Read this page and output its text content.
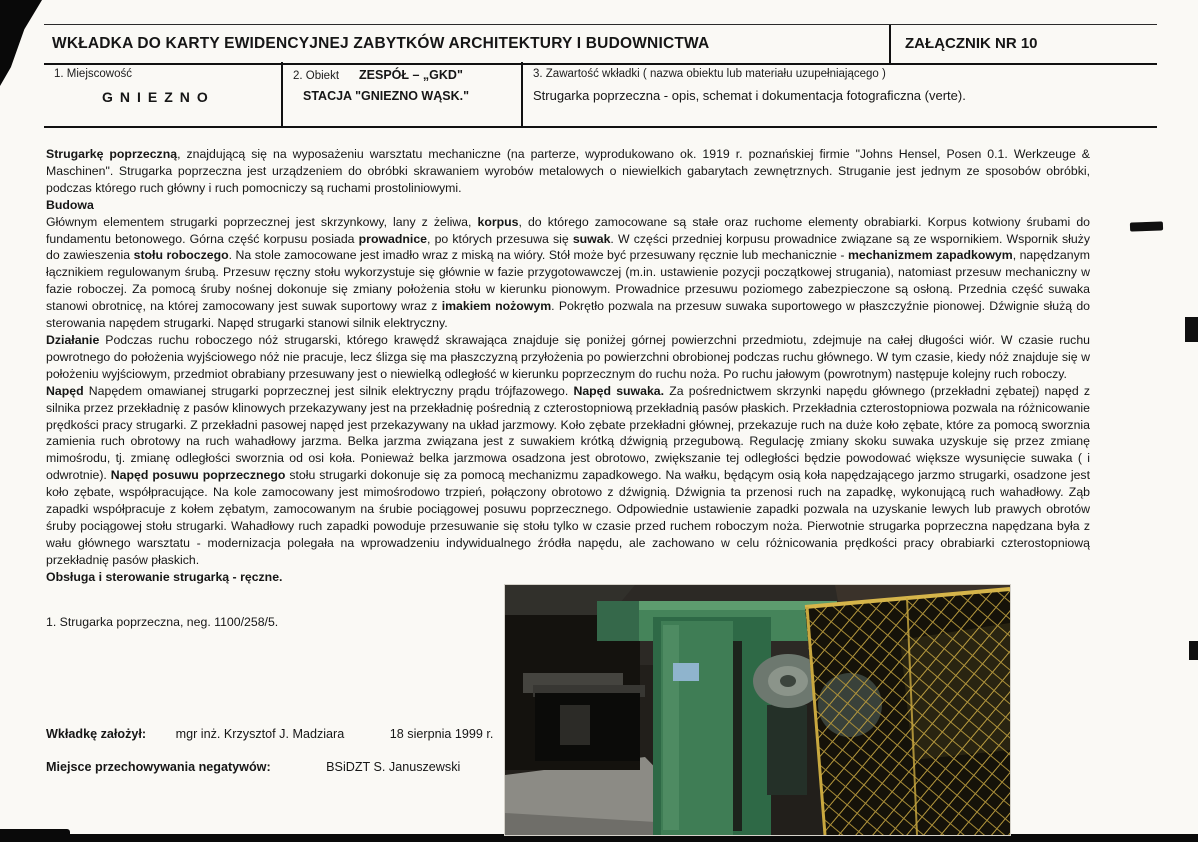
WKŁADKA DO KARTY EWIDENCYJNEJ ZABYTKÓW ARCHITEKTURY I BUDOWNICTWA	ZAŁĄCZNIK NR 10
1. Miejscowość
GNIEZNO
2. Obiekt ZESPÓŁ – „GKD"
STACJA "GNIEZNO WĄSK."
3. Zawartość wkładki ( nazwa obiektu lub materiału uzupełniającego )
Strugarka poprzeczna - opis, schemat i dokumentacja fotograficzna (verte).

Strugarkę poprzeczną, znajdującą się na wyposażeniu warsztatu mechaniczne (na parterze, wyprodukowano ok. 1919 r. poznańskiej firmie "Johns Hensel, Posen 0.1. Werkzeuge & Maschinen". Strugarka poprzeczna jest urządzeniem do obróbki skrawaniem wyrobów metalowych o niewielkich gabarytach zewnętrznych. Struganie jest jednym ze sposobów obróbki, podczas którego ruch główny i ruch pomocniczy są ruchami prostoliniowymi.

Budowa

Głównym elementem strugarki poprzecznej jest skrzynkowy, lany z żeliwa, korpus, do którego zamocowane są stałe oraz ruchome elementy obrabiarki. Korpus kotwiony śrubami do fundamentu betonowego. Górna część korpusu posiada prowadnice, po których przesuwa się suwak. W części przedniej korpusu prowadnice związane są ze wspornikiem. Wspornik służy do zawieszenia stołu roboczego. Na stole zamocowane jest imadło wraz z miską na wióry. Stół może być przesuwany ręcznie lub mechanicznie - mechanizmem zapadkowym, napędzanym łącznikiem regulowanym śrubą. Przesuw ręczny stołu wykorzystuje się głównie w fazie przygotowawczej (m.in. ustawienie pozycji początkowej strugania), natomiast przesuw mechaniczny w fazie roboczej. Za pomocą śruby nośnej dokonuje się zmiany położenia stołu w kierunku pionowym. Prowadnice przesuwu poziomego zabezpieczone są osłoną. Przednia część suwaka stanowi obrotnicę, na której zamocowany jest suwak suportowy wraz z imakiem nożowym. Pokrętło pozwala na przesuw suwaka suportowego w płaszczyźnie pionowej. Dźwignie służą do sterowania napędem strugarki. Napęd strugarki stanowi silnik elektryczny.

Działanie Podczas ruchu roboczego nóż strugarski, którego krawędź skrawająca znajduje się poniżej górnej powierzchni przedmiotu, zdejmuje na całej długości wiór. W czasie ruchu powrotnego do położenia wyjściowego nóż nie pracuje, lecz ślizga się ma płaszczyzną przyłożenia po powierzchni obrobionej podczas ruchu głównego. W tym czasie, kiedy nóż znajduje się w położeniu wyjściowym, przedmiot obrabiany przesuwany jest o niewielką odległość w kierunku poprzecznym do ruchu noża. Po ruchu jałowym (powrotnym) następuje kolejny ruch roboczy.

Napęd Napędem omawianej strugarki poprzecznej jest silnik elektryczny prądu trójfazowego. Napęd suwaka. Za pośrednictwem skrzynki napędu głównego (przekładni zębatej) napęd z silnika przez przekładnię z pasów klinowych przekazywany jest na przekładnię pośrednią z czterostopniową przekładnią pasów płaskich. Przekładnia czterostopniowa pozwala na różnicowanie prędkości pracy strugarki. Z przekładni pasowej napęd jest przekazywany na układ jarzmowy. Koło zębate przekładni głównej, przekazuje ruch na duże koło zębate, które za pomocą sworznia zamienia ruch obrotowy na ruch wahadłowy jarzma. Belka jarzma związana jest z suwakiem krótką dźwignią przegubową. Regulację zmiany skoku suwaka uzyskuje się przez zmianę mimośrodu, tj. zmianę odległości sworznia od osi koła. Ponieważ belka jarzmowa osadzona jest obrotowo, zwiększanie tej odległości będzie powodować większe wysunięcie suwaka ( i odwrotnie). Napęd posuwu poprzecznego stołu strugarki dokonuje się za pomocą mechanizmu zapadkowego. Na wałku, będącym osią koła napędzającego jarzmo strugarki, osadzone jest koło zębate, współpracujące. Na kole zamocowany jest mimośrodowo trzpień, połączony obrotowo z dźwignią. Dźwignia ta przenosi ruch na zapadkę, wykonującą ruch wahadłowy. Ząb zapadki współpracuje z kołem zębatym, zamocowanym na śrubie pociągowej posuwu poprzecznego. Odpowiednie ustawienie zapadki pozwala na uzyskanie lewych lub prawych obrotów śruby pociągowej stołu strugarki. Wahadłowy ruch zapadki powoduje przesuwanie się stołu tylko w czasie przed ruchem roboczym noża. Pierwotnie strugarka poprzeczna napędzana była z wału głównego warsztatu - modernizacja polegała na wprowadzeniu indywidualnego źródła napędu, ale zachowano w celu różnicowania prędkości pracy obrabiarki czterostopniową przekładnię pasów płaskich.

Obsługa i sterowanie strugarką - ręczne.

1. Strugarka poprzeczna, neg. 1100/258/5.

Wkładkę założył: mgr inż. Krzysztof J. Madziara	18 sierpnia 1999 r.
Miejsce przechowywania negatywów:	BSiDZT S. Januszewski
